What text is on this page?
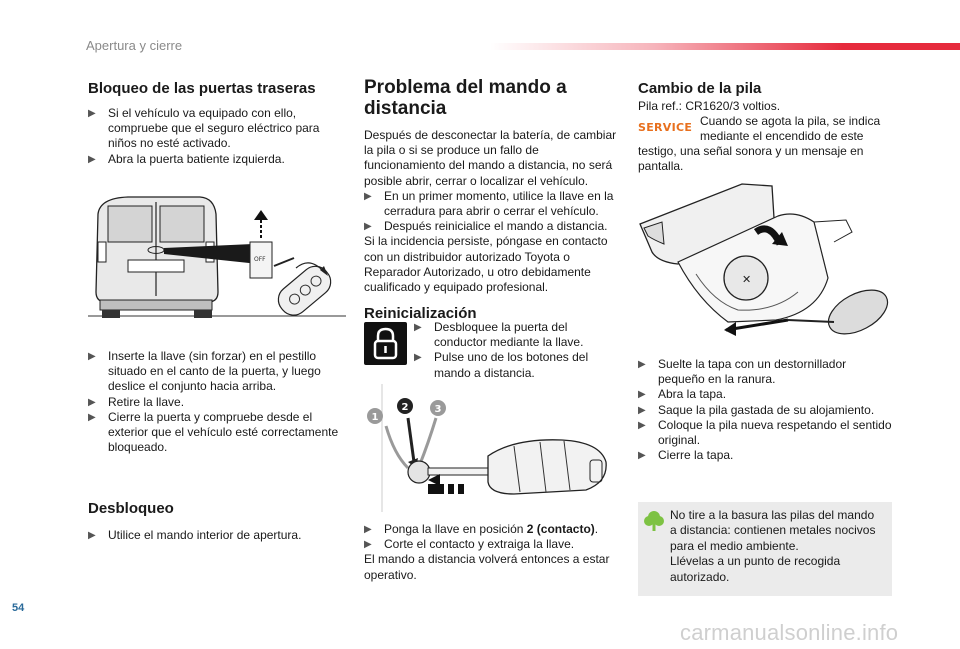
Apertura y cierre
Bloqueo de las puertas traseras
▶ Si el vehículo va equipado con ello, compruebe que el seguro eléctrico para niños no esté activado.
▶ Abra la puerta batiente izquierda.
OFF
▶ Inserte la llave (sin forzar) en el pestillo situado en el canto de la puerta, y luego deslice el conjunto hacia arriba.
▶ Retire la llave.
▶ Cierre la puerta y compruebe desde el exterior que el vehículo esté correctamente bloqueado.
Desbloqueo
▶ Utilice el mando interior de apertura.
Problema del mando a distancia

Después de desconectar la batería, de cambiar la pila o si se produce un fallo de funcionamiento del mando a distancia, no será posible abrir, cerrar o localizar el vehículo.

▶ En un primer momento, utilice la llave en la cerradura para abrir o cerrar el vehículo.
▶ Después reinicialice el mando a distancia.

Si la incidencia persiste, póngase en contacto con un distribuidor autorizado Toyota o Reparador Autorizado, u otro debidamente cualificado y equipado profesional.

Reinicialización
▶ Desbloquee la puerta del conductor mediante la llave.
▶ Pulse uno de los botones del mando a distancia.
1
2	3
▶ Ponga la llave en posición 2 (contacto).
▶ Corte el contacto y extraiga la llave.

El mando a distancia volverá entonces a estar operativo.

Cambio de la pila

Pila ref.: CR1620/3 voltios.

SERVICE Cuando se agota la pila, se indica mediante el encendido de este

testigo, una señal sonora y un mensaje en pantalla.

✕
▶ Suelte la tapa con un destornillador pequeño en la ranura.
▶ Abra la tapa.
▶ Saque la pila gastada de su alojamiento.
▶ Coloque la pila nueva respetando el sentido original.
▶ Cierre la tapa.

No tire a la basura las pilas del mando a distancia: contienen metales nocivos para el medio ambiente.

Llévelas a un punto de recogida autorizado.

54
carmanualsonline.info
